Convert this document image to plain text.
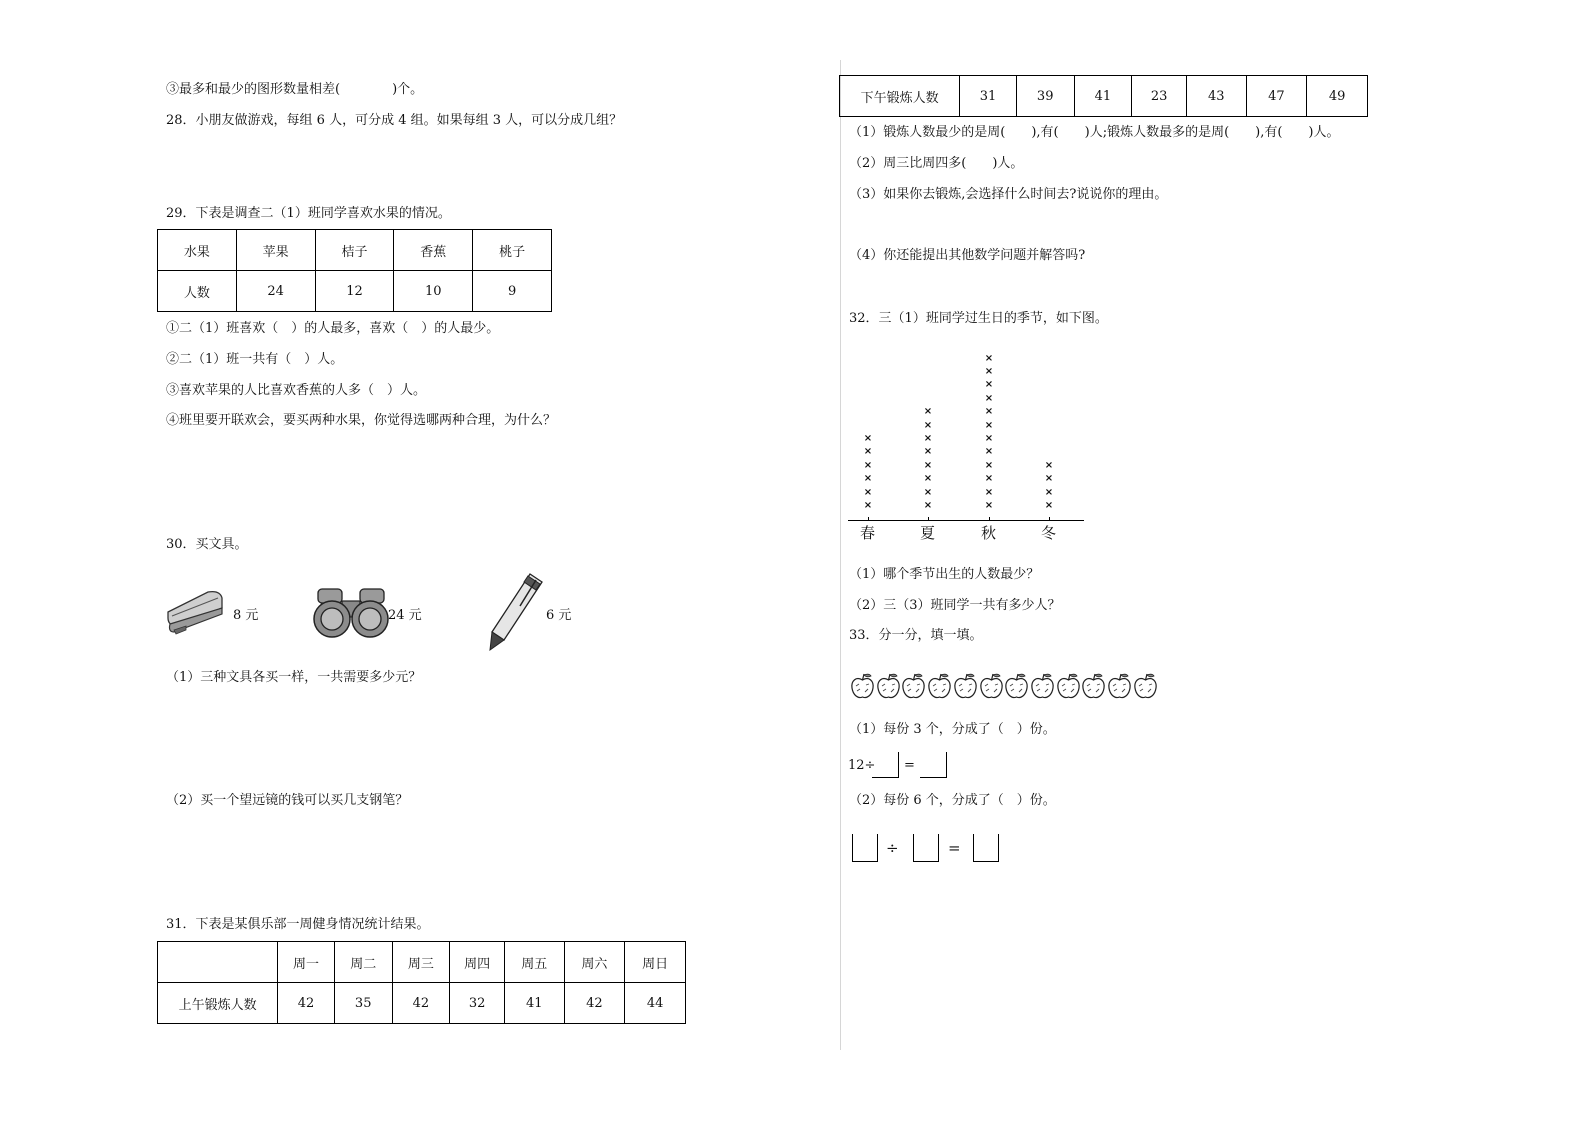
③最多和最少的图形数量相差(　　　　)个。
28．小朋友做游戏，每组 6 人，可分成 4 组。如果每组 3 人，可以分成几组？
29．下表是调查二（1）班同学喜欢水果的情况。
水果	苹果	桔子	香蕉	桃子
人数	24	12	10	9
①二（1）班喜欢（　）的人最多，喜欢（　）的人最少。
②二（1）班一共有（　）人。
③喜欢苹果的人比喜欢香蕉的人多（　）人。
④班里要开联欢会，要买两种水果，你觉得选哪两种合理，为什么？
30．买文具。
8 元	24 元	6 元
（1）三种文具各买一样，一共需要多少元？
（2）买一个望远镜的钱可以买几支钢笔？
31．下表是某俱乐部一周健身情况统计结果。
	周一	周二	周三	周四	周五	周六	周日
上午锻炼人数	42	35	42	32	41	42	44
下午锻炼人数	31	39	41	23	43	47	49
（1）锻炼人数最少的是周(　　),有(　　)人;锻炼人数最多的是周(　　),有(　　)人。
（2）周三比周四多(　　)人。
（3）如果你去锻炼,会选择什么时间去?说说你的理由。
（4）你还能提出其他数学问题并解答吗?
32．三（1）班同学过生日的季节，如下图。
×
×
×
×
×
×
春
×
×
×
×
×
×
×
×
夏
×
×
×
×
×
×
×
×
×
×
×
×
秋
×
×
×
×
冬
（1）哪个季节出生的人数最少？
（2）三（3）班同学一共有多少人？
33．分一分，填一填。
（1）每份 3 个，分成了（　）份。
12÷ =
（2）每份 6 个，分成了（　）份。
÷	=
